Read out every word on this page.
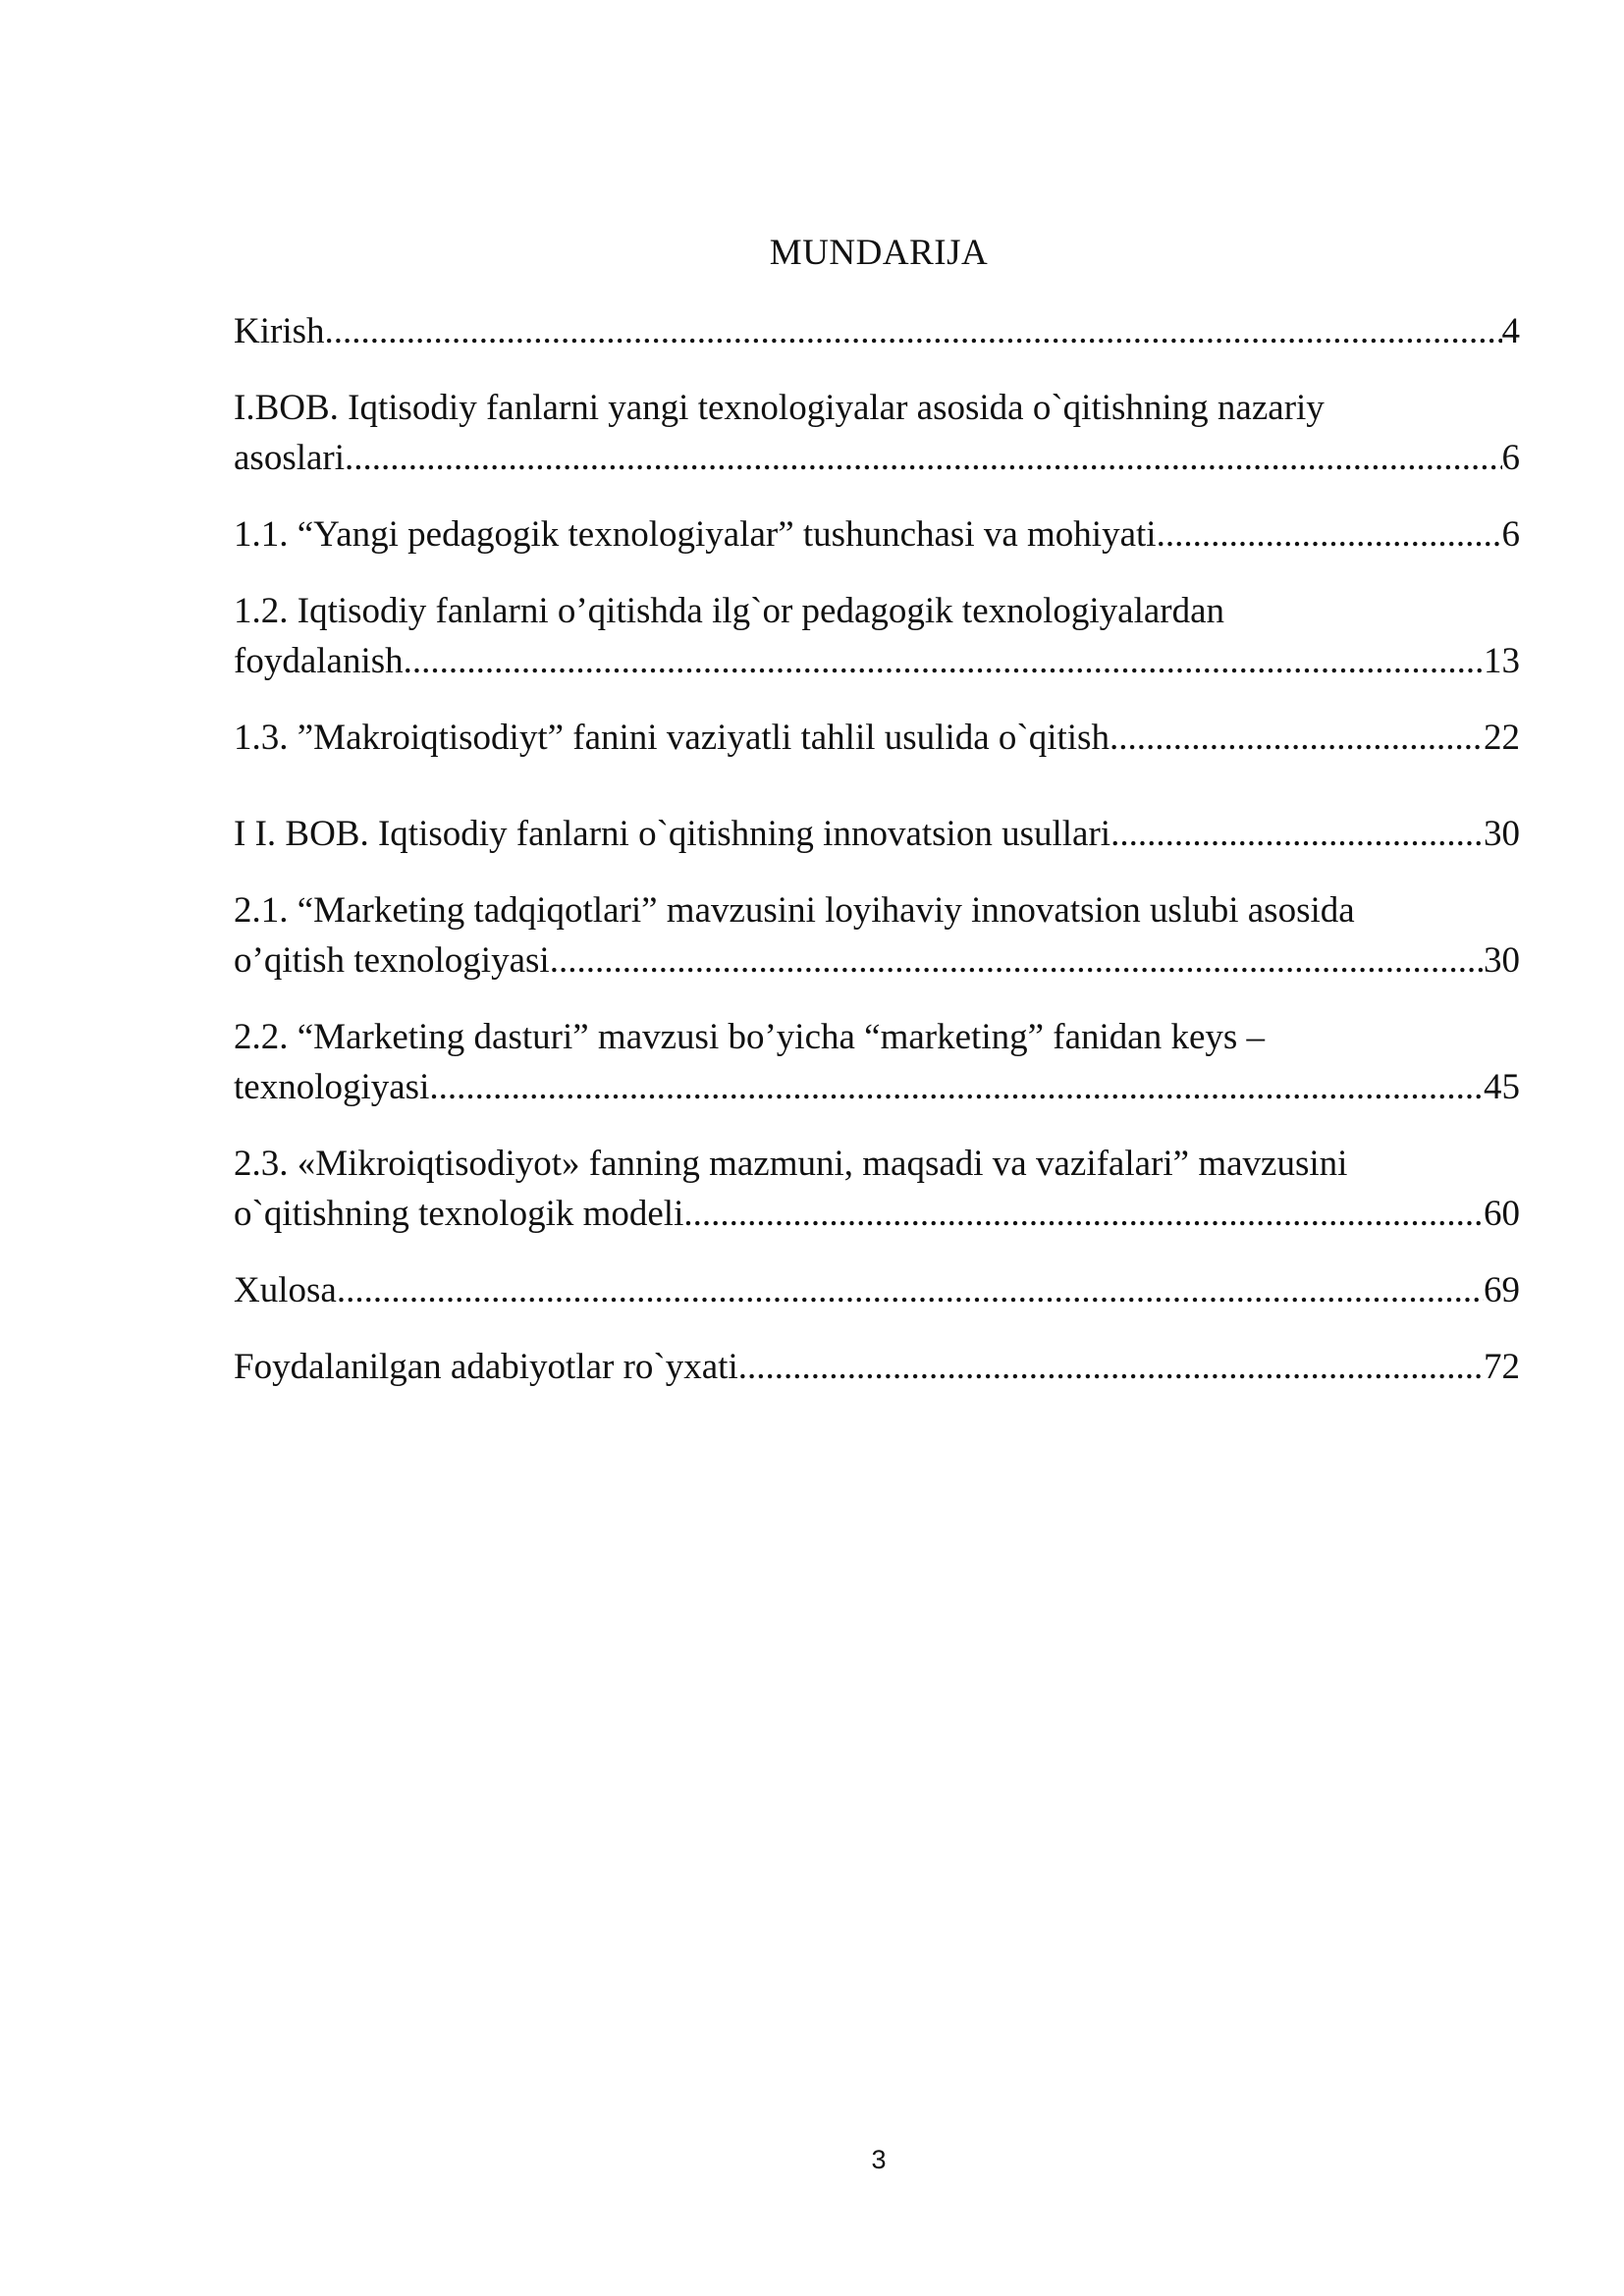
MUNDARIJA
Kirish .....	4
I.BOB. Iqtisodiy fanlarni yangi texnologiyalar asosida o`qitishning nazariy
asoslari .....	6
1.1. “Yangi pedagogik texnologiyalar” tushunchasi va mohiyati .....	6
1.2. Iqtisodiy fanlarni o’qitishda ilg`or pedagogik texnologiyalardan
foydalanish .....	13
1.3. ”Makroiqtisodiyt” fanini vaziyatli tahlil usulida o`qitish .....	22
I I. BOB. Iqtisodiy fanlarni o`qitishning innovatsion usullari .....	30
2.1. “Marketing tadqiqotlari” mavzusini loyihaviy innovatsion uslubi asosida
o’qitish texnologiyasi .....	30
2.2. “Marketing dasturi” mavzusi bo’yicha “marketing” fanidan keys –
texnologiyasi .....	45
2.3. «Mikroiqtisodiyot» fanning mazmuni, maqsadi va vazifalari” mavzusini
o`qitishning texnologik modeli .....	60
Xulosa .....	69
Foydalanilgan adabiyotlar ro`yxati .....	72
3
